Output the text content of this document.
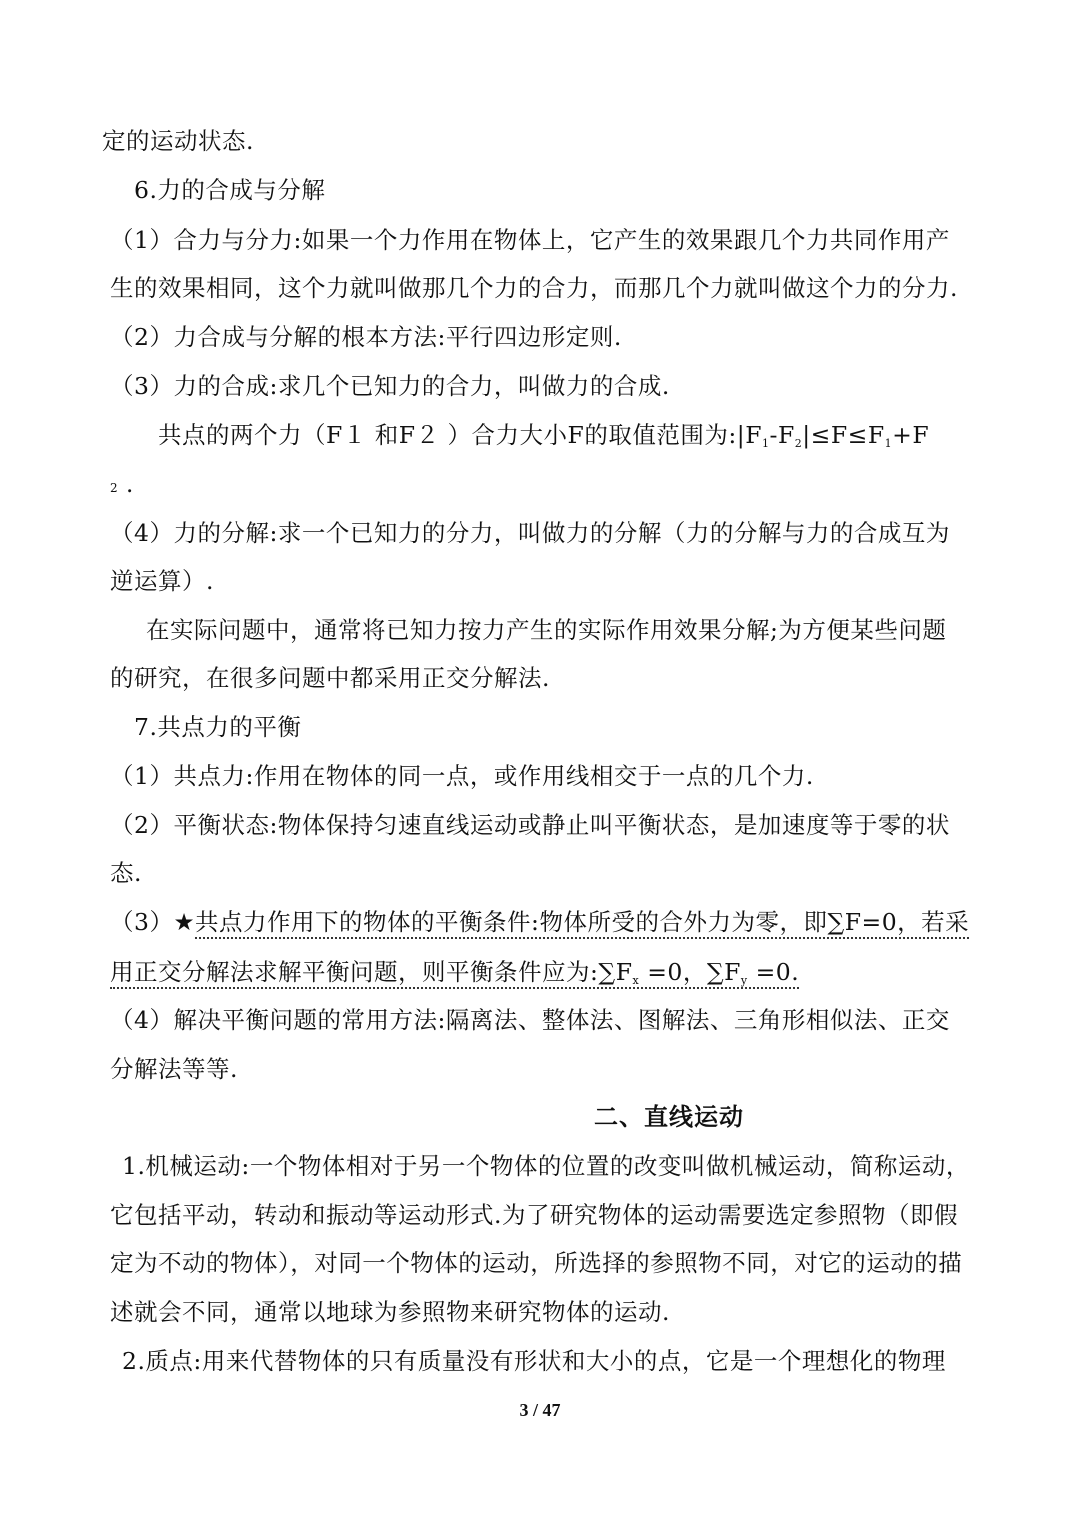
定的运动状态.
6.力的合成与分解
（1）合力与分力:如果一个力作用在物体上，它产生的效果跟几个力共同作用产
生的效果相同，这个力就叫做那几个力的合力，而那几个力就叫做这个力的分力.
（2）力合成与分解的根本方法:平行四边形定则.
（3）力的合成:求几个已知力的合力，叫做力的合成.
共点的两个力（F１ 和F２ ）合力大小F的取值范围为$:|F_1-F_2|\le F\le F_1+F$
2 .
（4）力的分解:求一个已知力的分力，叫做力的分解（力的分解与力的合成互为
逆运算）.
在实际问题中，通常将已知力按力产生的实际作用效果分解;为方便某些问题
的研究，在很多问题中都采用正交分解法.
7.共点力的平衡
（1）共点力:作用在物体的同一点，或作用线相交于一点的几个力.
（2）平衡状态:物体保持匀速直线运动或静止叫平衡状态，是加速度等于零的状
态.
（3）★共点力作用下的物体的平衡条件:物体所受的合外力为零，即∑F=0，若采
用正交分解法求解平衡问题，则平衡条件应为$:\sum F_x =0$，$\sum F_y =0$.
（4）解决平衡问题的常用方法:隔离法、整体法、图解法、三角形相似法、正交
分解法等等.
二、直线运动
1.机械运动:一个物体相对于另一个物体的位置的改变叫做机械运动，简称运动，
它包括平动，转动和振动等运动形式.为了研究物体的运动需要选定参照物（即假
定为不动的物体），对同一个物体的运动，所选择的参照物不同，对它的运动的描
述就会不同，通常以地球为参照物来研究物体的运动.
2.质点:用来代替物体的只有质量没有形状和大小的点，它是一个理想化的物理
3 / 47
